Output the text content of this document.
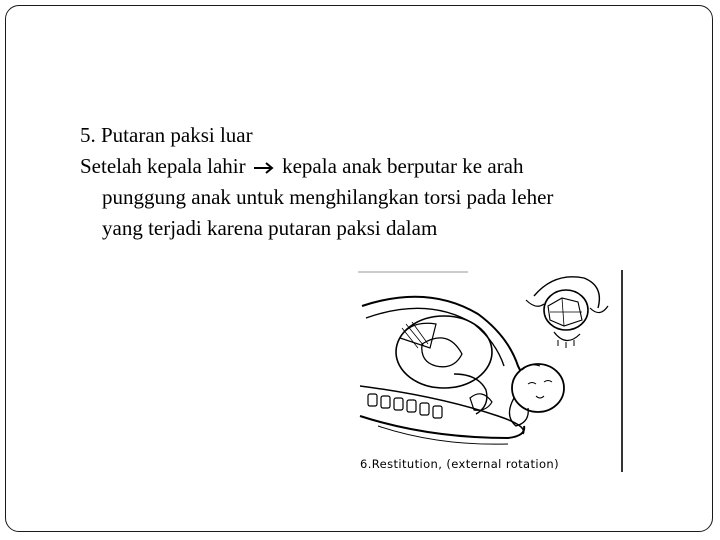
5. Putaran paksi luar
Setelah kepala lahir kepala anak berputar ke arah
punggung anak untuk menghilangkan torsi pada leher
yang terjadi karena putaran paksi dalam
6.Restitution, (external rotation)
